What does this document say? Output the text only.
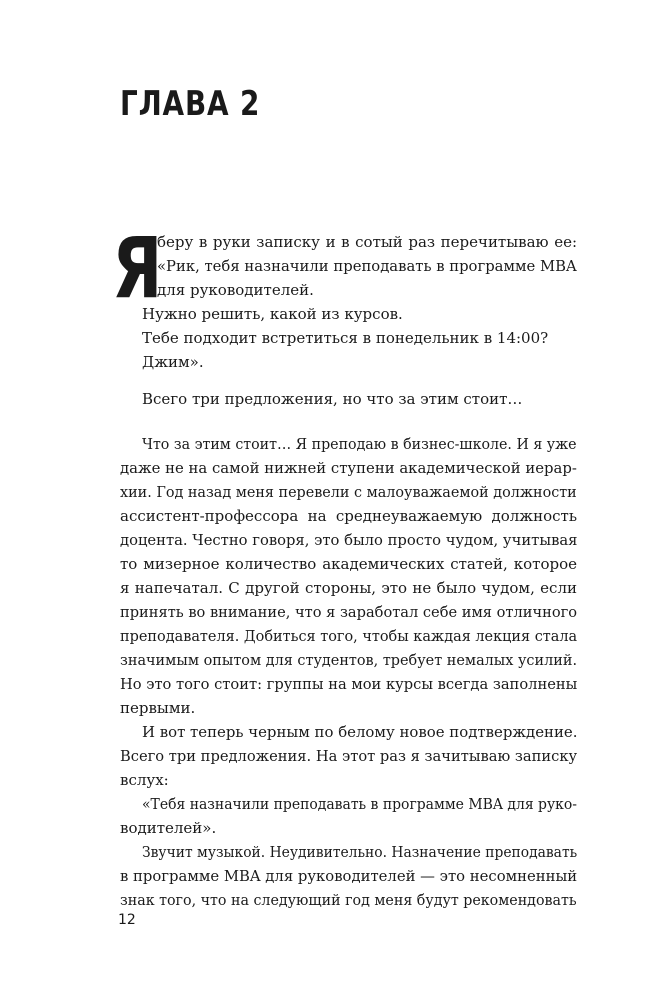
ГЛАВА 2
Я
беру в руки записку и в сотый раз перечитываю ее:
«Рик, тебя назначили преподавать в программе MBA
для руководителей.
Нужно решить, какой из курсов.
Тебе подходит встретиться в понедельник в 14:00?
Джим».
Всего три предложения, но что за этим стоит…
Что за этим стоит… Я преподаю в бизнес-школе. И я уже
даже не на самой нижней ступени академической иерар-
хии. Год назад меня перевели с малоуважаемой должности
ассистент-профессора на среднеуважаемую должность
доцента. Честно говоря, это было просто чудом, учитывая
то мизерное количество академических статей, которое
я напечатал. С другой стороны, это не было чудом, если
принять во внимание, что я заработал себе имя отличного
преподавателя. Добиться того, чтобы каждая лекция стала
значимым опытом для студентов, требует немалых усилий.
Но это того стоит: группы на мои курсы всегда заполнены
первыми.
И вот теперь черным по белому новое подтверждение.
Всего три предложения. На этот раз я зачитываю записку
вслух:
«Тебя назначили преподавать в программе MBA для руко-
водителей».
Звучит музыкой. Неудивительно. Назначение преподавать
в программе MBA для руководителей — это несомненный
знак того, что на следующий год меня будут рекомендовать
12
